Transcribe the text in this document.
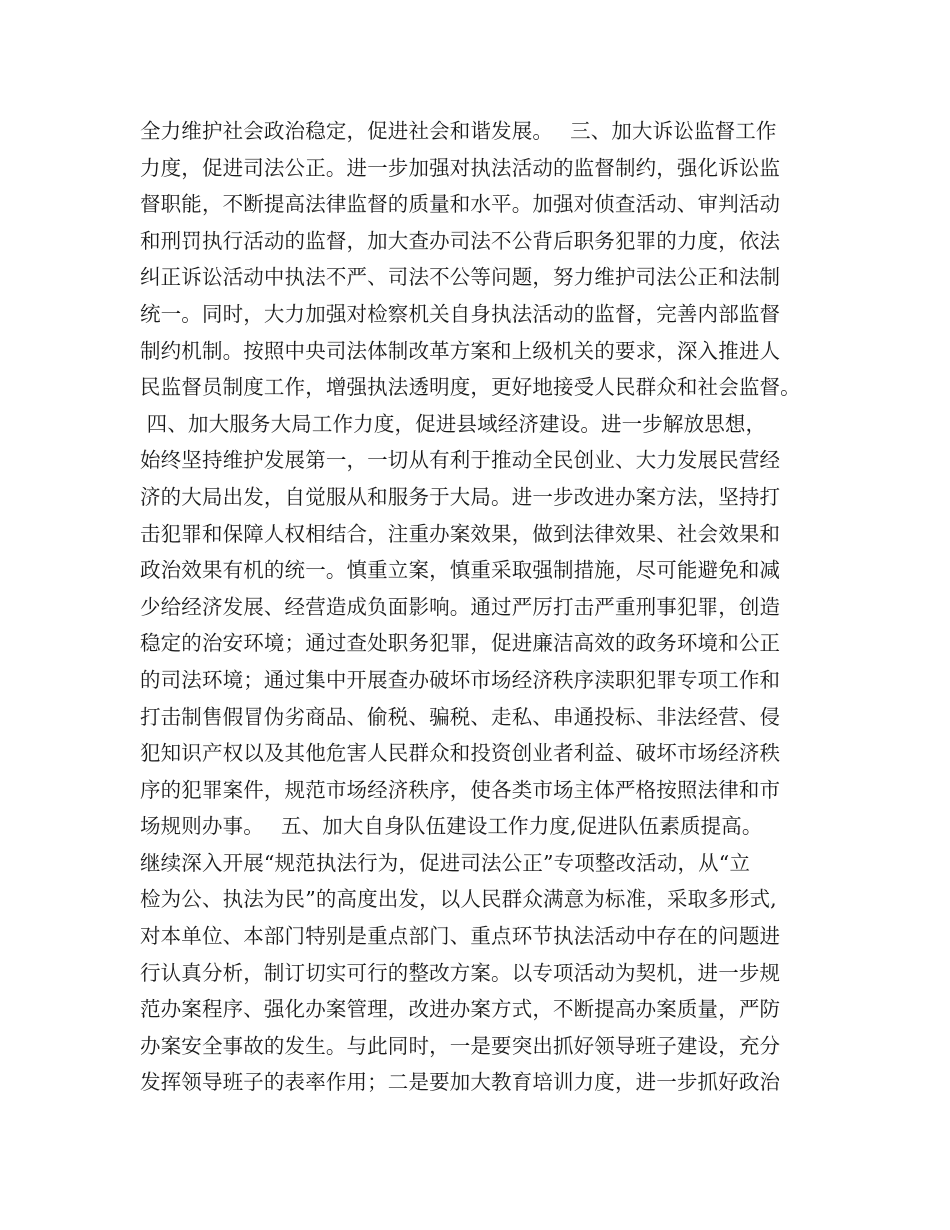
全力维护社会政治稳定，促进社会和谐发展。　 三、加大诉讼监督工作
力度，促进司法公正。进一步加强对执法活动的监督制约，强化诉讼监
督职能，不断提高法律监督的质量和水平。加强对侦查活动、审判活动
和刑罚执行活动的监督，加大查办司法不公背后职务犯罪的力度，依法
纠正诉讼活动中执法不严、司法不公等问题，努力维护司法公正和法制
统一。同时，大力加强对检察机关自身执法活动的监督，完善内部监督
制约机制。按照中央司法体制改革方案和上级机关的要求，深入推进人
民监督员制度工作，增强执法透明度，更好地接受人民群众和社会监督。
四、加大服务大局工作力度，促进县域经济建设。进一步解放思想，
始终坚持维护发展第一，一切从有利于推动全民创业、大力发展民营经
济的大局出发，自觉服从和服务于大局。进一步改进办案方法，坚持打
击犯罪和保障人权相结合，注重办案效果，做到法律效果、社会效果和
政治效果有机的统一。慎重立案，慎重采取强制措施，尽可能避免和减
少给经济发展、经营造成负面影响。通过严厉打击严重刑事犯罪，创造
稳定的治安环境；通过查处职务犯罪，促进廉洁高效的政务环境和公正
的司法环境；通过集中开展查办破坏市场经济秩序渎职犯罪专项工作和
打击制售假冒伪劣商品、偷税、骗税、走私、串通投标、非法经营、侵
犯知识产权以及其他危害人民群众和投资创业者利益、破坏市场经济秩
序的犯罪案件，规范市场经济秩序，使各类市场主体严格按照法律和市
场规则办事。　 五、加大自身队伍建设工作力度,促进队伍素质提高。
继续深入开展“规范执法行为，促进司法公正”专项整改活动，从“立
检为公、执法为民”的高度出发，以人民群众满意为标准，采取多形式,
对本单位、本部门特别是重点部门、重点环节执法活动中存在的问题进
行认真分析，制订切实可行的整改方案。以专项活动为契机，进一步规
范办案程序、强化办案管理，改进办案方式，不断提高办案质量，严防
办案安全事故的发生。与此同时，一是要突出抓好领导班子建设，充分
发挥领导班子的表率作用；二是要加大教育培训力度，进一步抓好政治
